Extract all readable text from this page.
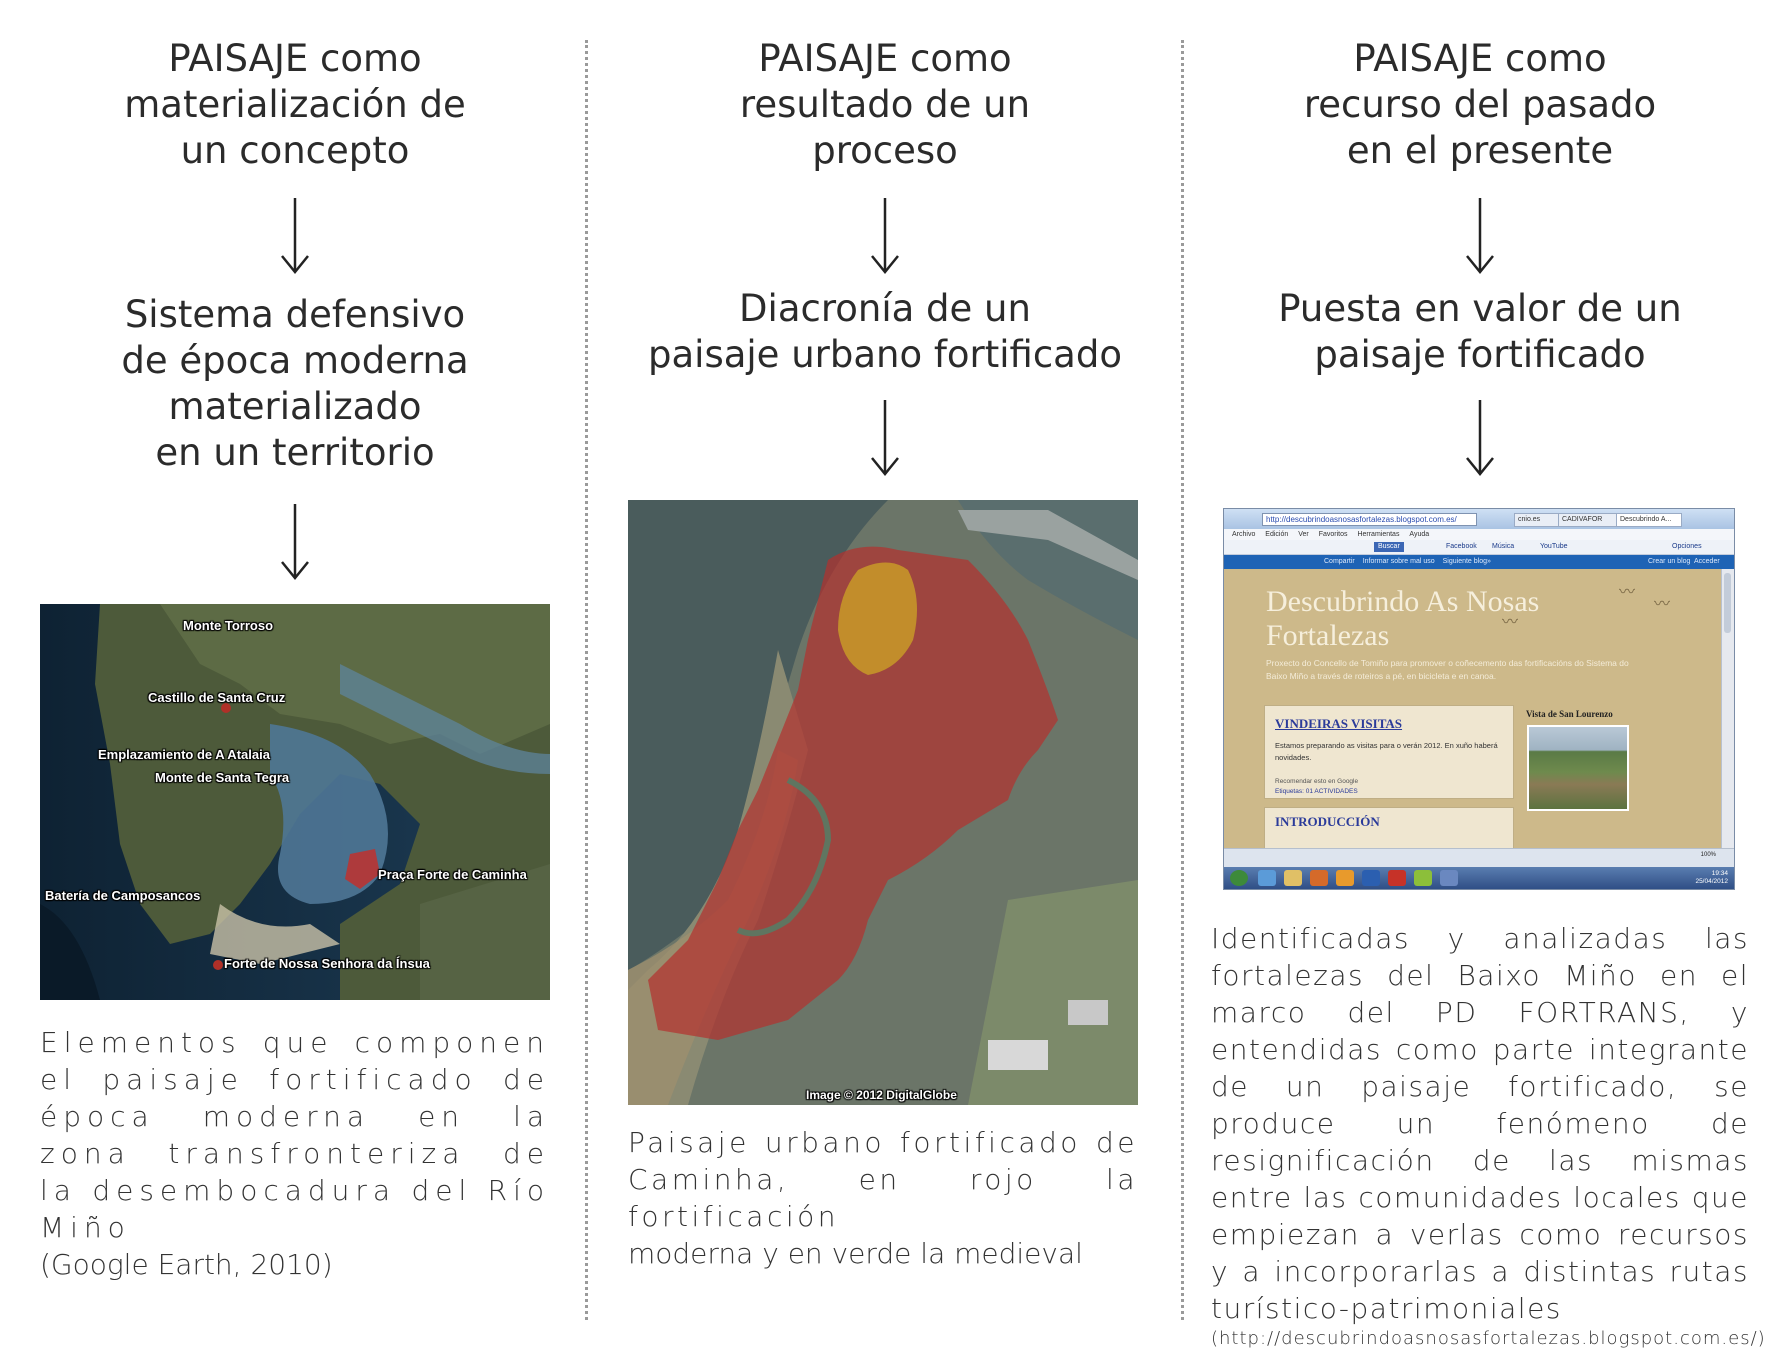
PAISAJE como
materialización de
un concepto
Sistema defensivo
de época moderna
materializado
en un territorio
Monte Torroso
Castillo de Santa Cruz
Emplazamiento de A Atalaia
Monte de Santa Tegra
Batería de Camposancos
Praça Forte de Caminha
Forte de Nossa Senhora da Ínsua
Elementos que componen el paisaje fortificado de época moderna en la zona transfronteriza de la desembocadura del Río Miño
(Google Earth, 2010)
PAISAJE como
resultado de un
proceso
Diacronía de un
paisaje urbano fortificado
Image © 2012 DigitalGlobe
Paisaje urbano fortificado de Caminha, en rojo la fortificación
moderna y en verde la medieval
PAISAJE como
recurso del pasado
en el presente
Puesta en valor de un
paisaje fortificado
http://descubrindoasnosasfortalezas.blogspot.com.es/	cnio.es	CADIVAFOR	Descubrindo A...
Archivo Edición Ver Favoritos Herramientas Ayuda
Buscar	Facebook Música	YouTube	Opciones
Compartir Informar sobre mal uso Siguiente blog»	Crear un blog Acceder
Descubrindo As Nosas
Fortalezas
〰
〰
〰
Proxecto do Concello de Tomiño para promover o coñecemento das fortificacións do Sistema do Baixo Miño a través de roteiros a pé, en bicicleta e en canoa.
VINDEIRAS VISITAS
Estamos preparando as visitas para o verán 2012. En xuño haberá novidades.
Recomendar esto en Google
Etiquetas: 01 ACTIVIDADES
INTRODUCCIÓN
Vista de San Lourenzo
100%
19:34
25/04/2012
Identificadas y analizadas las fortalezas del Baixo Miño en el marco del PD FORTRANS, y entendidas como parte integrante de un paisaje fortificado, se produce un fenómeno de resignificación de las mismas entre las comunidades locales que empiezan a verlas como recursos y a incorporarlas a distintas rutas turístico-patrimoniales
(http://descubrindoasnosasfortalezas.blogspot.com.es/)
